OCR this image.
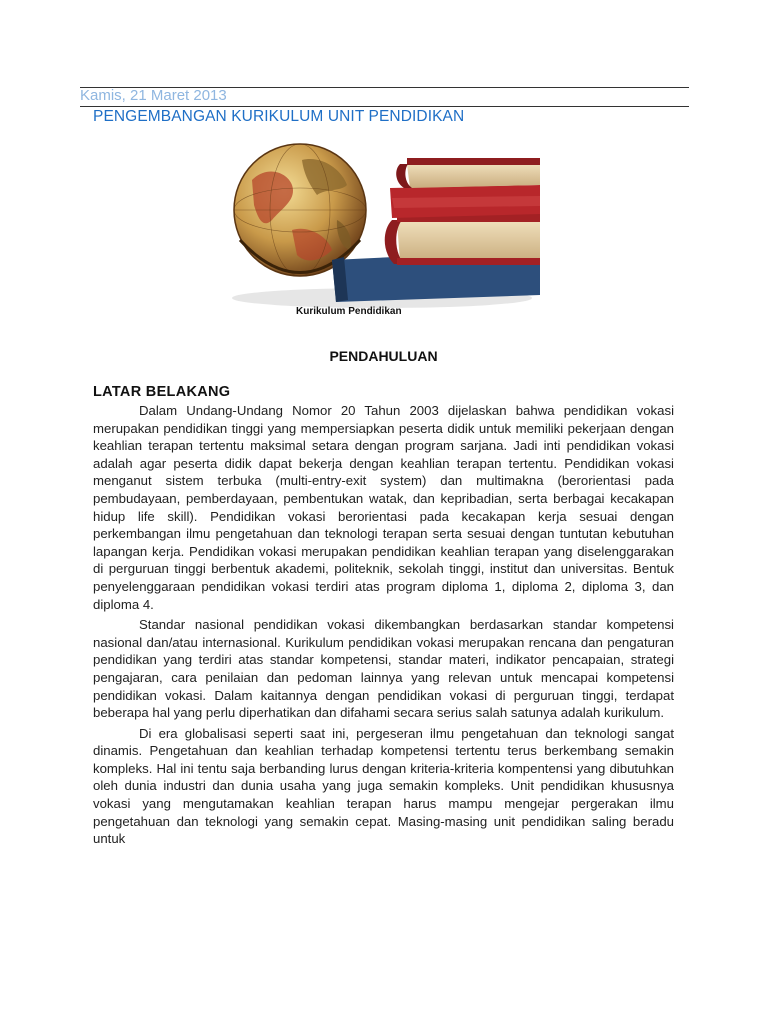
Kamis, 21 Maret 2013
PENGEMBANGAN KURIKULUM UNIT PENDIDIKAN
Kurikulum Pendidikan
PENDAHULUAN
LATAR BELAKANG

Dalam Undang-Undang Nomor 20 Tahun 2003 dijelaskan bahwa pendidikan vokasi merupakan pendidikan tinggi yang mempersiapkan peserta didik untuk memiliki pekerjaan dengan keahlian terapan tertentu maksimal setara dengan program sarjana. Jadi inti pendidikan vokasi adalah agar peserta didik dapat bekerja dengan keahlian terapan tertentu. Pendidikan vokasi menganut sistem terbuka (multi-entry-exit system) dan multimakna (berorientasi pada pembudayaan, pemberdayaan, pembentukan watak, dan kepribadian, serta berbagai kecakapan hidup life skill). Pendidikan vokasi berorientasi pada kecakapan kerja sesuai dengan perkembangan ilmu pengetahuan dan teknologi terapan serta sesuai dengan tuntutan kebutuhan lapangan kerja. Pendidikan vokasi merupakan pendidikan keahlian terapan yang diselenggarakan di perguruan tinggi berbentuk akademi, politeknik, sekolah tinggi, institut dan universitas. Bentuk penyelenggaraan pendidikan vokasi terdiri atas program diploma 1, diploma 2, diploma 3, dan diploma 4.

Standar nasional pendidikan vokasi dikembangkan berdasarkan standar kompetensi nasional dan/atau internasional. Kurikulum pendidikan vokasi merupakan rencana dan pengaturan pendidikan yang terdiri atas standar kompetensi, standar materi, indikator pencapaian, strategi pengajaran, cara penilaian dan pedoman lainnya yang relevan untuk mencapai kompetensi pendidikan vokasi. Dalam kaitannya dengan pendidikan vokasi di perguruan tinggi, terdapat beberapa hal yang perlu diperhatikan dan difahami secara serius salah satunya adalah kurikulum.

Di era globalisasi seperti saat ini, pergeseran ilmu pengetahuan dan teknologi sangat dinamis. Pengetahuan dan keahlian terhadap kompetensi tertentu terus berkembang semakin kompleks. Hal ini tentu saja berbanding lurus dengan kriteria-kriteria kompentensi yang dibutuhkan oleh dunia industri dan dunia usaha yang juga semakin kompleks. Unit pendidikan khususnya vokasi yang mengutamakan keahlian terapan harus mampu mengejar pergerakan ilmu pengetahuan dan teknologi yang semakin cepat. Masing-masing unit pendidikan saling beradu untuk
